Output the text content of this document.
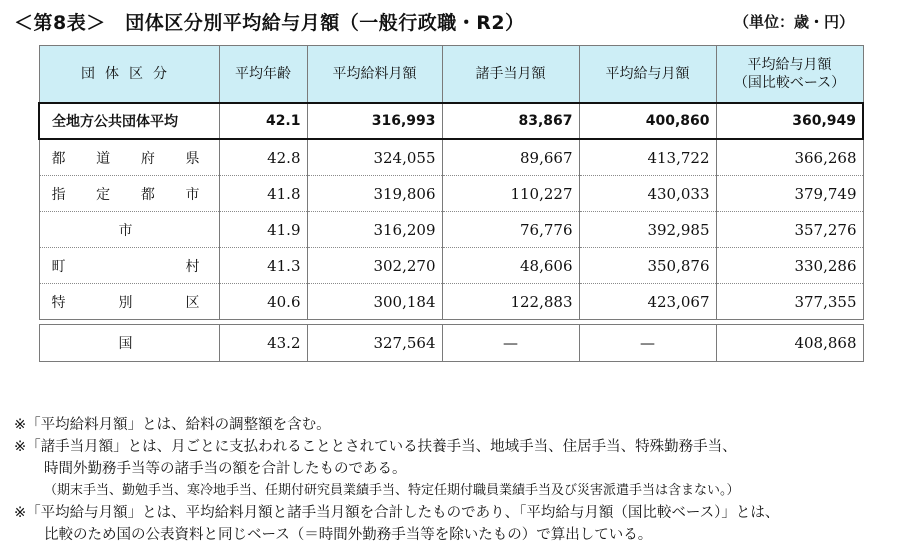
＜第8表＞　団体区分別平均給与月額（一般行政職・R2）	（単位：歳・円）
団体区分	平均年齢	平均給料月額	諸手当月額	平均給与月額	平均給与月額
（国比較ベース）
全地方公共団体平均	42.1	316,993	83,867	400,860	360,949

都 道 府 県	42.8	324,055	89,667	413,722	366,268

指 定 都 市	41.8	319,806	110,227	430,033	379,749

市	41.9	316,209	76,776	392,985	357,276

町 村	41.3	302,270	48,606	350,876	330,286

特 別 区	40.6	300,184	122,883	423,067	377,355

国	43.2	327,564	—	—	408,868
※「平均給料月額」とは、給料の調整額を含む。
※「諸手当月額」とは、月ごとに支払われることとされている扶養手当、地域手当、住居手当、特殊勤務手当、
時間外勤務手当等の諸手当の額を合計したものである。
（期末手当、勤勉手当、寒冷地手当、任期付研究員業績手当、特定任期付職員業績手当及び災害派遣手当は含まない。）
※「平均給与月額」とは、平均給料月額と諸手当月額を合計したものであり、「平均給与月額（国比較ベース）」とは、
比較のため国の公表資料と同じベース（＝時間外勤務手当等を除いたもの）で算出している。
